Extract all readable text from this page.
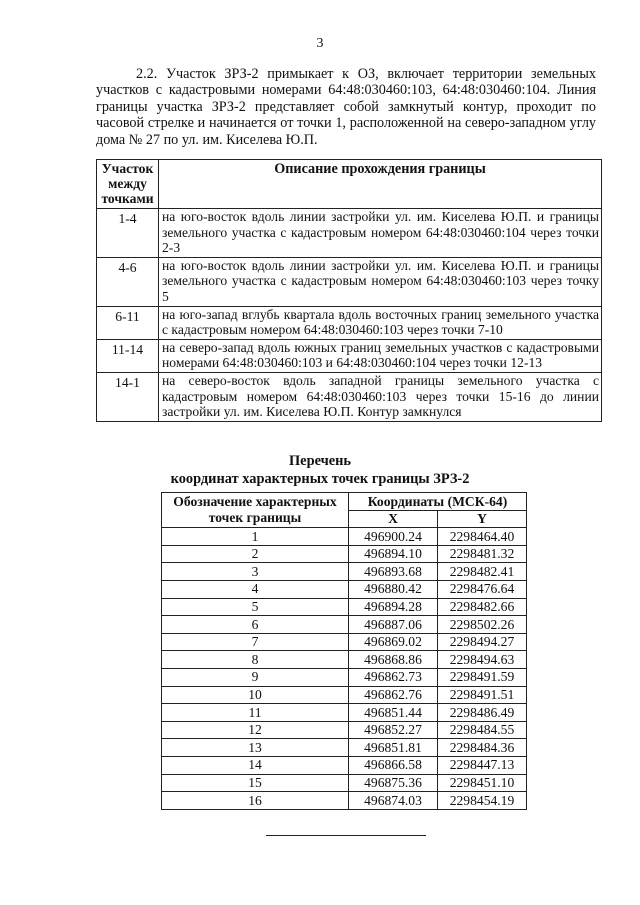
3

2.2. Участок ЗРЗ-2 примыкает к ОЗ, включает территории земельных участков с кадастровыми номерами 64:48:030460:103, 64:48:030460:104. Линия границы участка ЗРЗ-2 представляет собой замкнутый контур, проходит по часовой стрелке и начинается от точки 1, расположенной на северо-западном углу дома № 27 по ул. им. Киселева Ю.П.

Участок
между
точками	Описание прохождения границы
1-4	на юго-восток вдоль линии застройки ул. им. Киселева Ю.П. и границы земельного участка с кадастровым номером 64:48:030460:104 через точки 2-3
4-6	на юго-восток вдоль линии застройки ул. им. Киселева Ю.П. и границы земельного участка с кадастровым номером 64:48:030460:103 через точку 5
6-11	на юго-запад вглубь квартала вдоль восточных границ земельного участка с кадастровым номером 64:48:030460:103 через точки 7-10
11-14	на северо-запад вдоль южных границ земельных участков с кадастровыми номерами 64:48:030460:103 и 64:48:030460:104 через точки 12-13
14-1	на северо-восток вдоль западной границы земельного участка с кадастровым номером 64:48:030460:103 через точки 15-16 до линии застройки ул. им. Киселева Ю.П. Контур замкнулся
Перечень
координат характерных точек границы ЗРЗ-2
Обозначение характерных
точек границы	Координаты (МСК-64)	
	X	Y
1	496900.24	2298464.40
2	496894.10	2298481.32
3	496893.68	2298482.41
4	496880.42	2298476.64
5	496894.28	2298482.66
6	496887.06	2298502.26
7	496869.02	2298494.27
8	496868.86	2298494.63
9	496862.73	2298491.59
10	496862.76	2298491.51
11	496851.44	2298486.49
12	496852.27	2298484.55
13	496851.81	2298484.36
14	496866.58	2298447.13
15	496875.36	2298451.10
16	496874.03	2298454.19
